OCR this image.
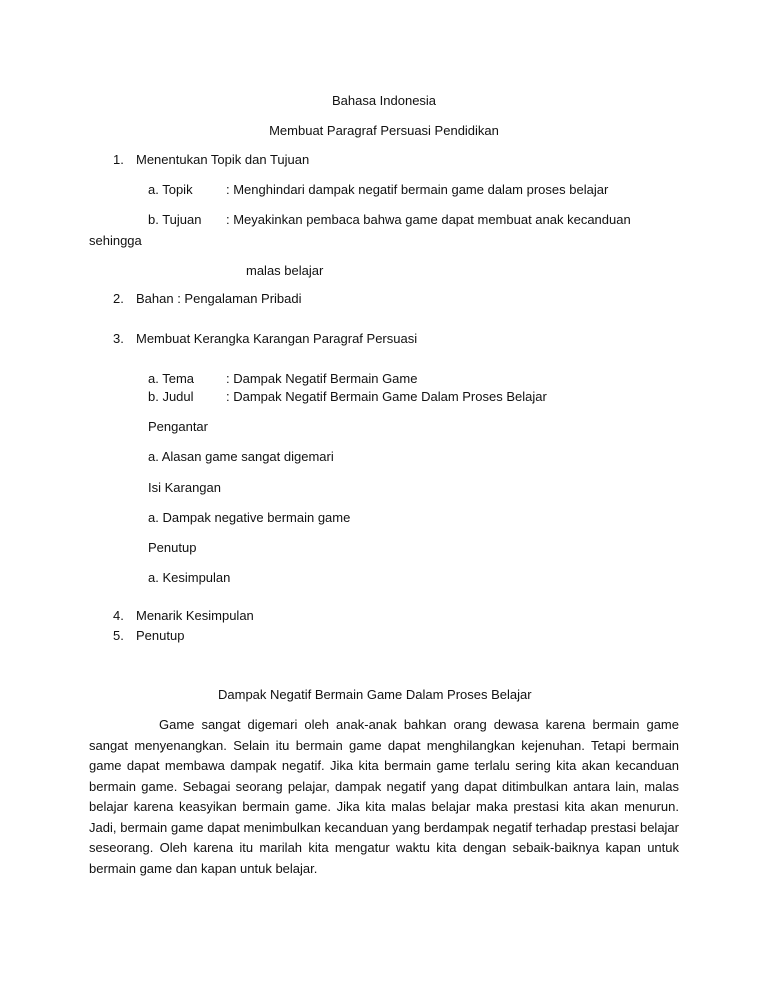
Bahasa Indonesia
Membuat Paragraf Persuasi Pendidikan
1. Menentukan Topik dan Tujuan
a. Topik	: Menghindari dampak negatif bermain game dalam proses belajar
b. Tujuan : Meyakinkan pembaca bahwa game dapat membuat anak kecanduan
sehingga
malas belajar
2. Bahan : Pengalaman Pribadi
3. Membuat Kerangka Karangan Paragraf Persuasi
a. Tema : Dampak Negatif Bermain Game
b. Judul : Dampak Negatif Bermain Game Dalam Proses Belajar
Pengantar
a. Alasan game sangat digemari
Isi Karangan
a. Dampak negative bermain game
Penutup
a. Kesimpulan
4. Menarik Kesimpulan
5. Penutup
Dampak Negatif Bermain Game Dalam Proses Belajar
Game sangat digemari oleh anak-anak bahkan orang dewasa karena bermain game sangat menyenangkan. Selain itu bermain game dapat menghilangkan kejenuhan. Tetapi bermain game dapat membawa dampak negatif. Jika kita bermain game terlalu sering kita akan kecanduan bermain game. Sebagai seorang pelajar, dampak negatif yang dapat ditimbulkan antara lain, malas belajar karena keasyikan bermain game. Jika kita malas belajar maka prestasi kita akan menurun. Jadi, bermain game dapat menimbulkan kecanduan yang berdampak negatif terhadap prestasi belajar seseorang. Oleh karena itu marilah kita mengatur waktu kita dengan sebaik-baiknya kapan untuk bermain game dan kapan untuk belajar.
